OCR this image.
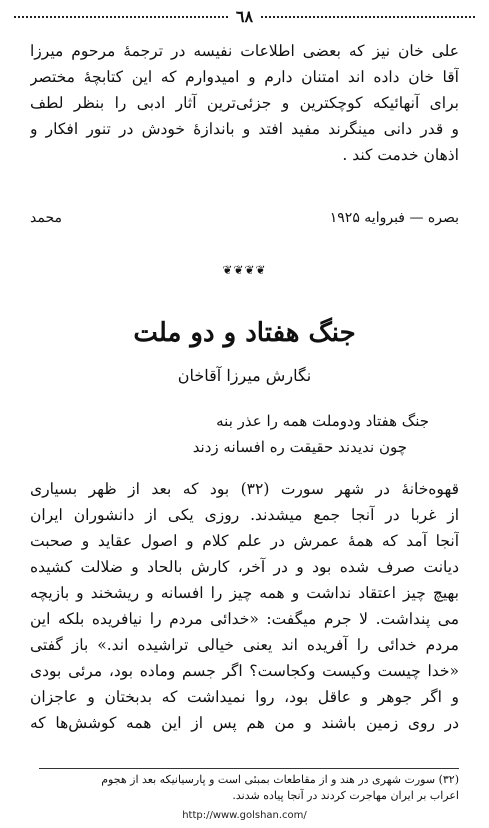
٦٨
علی خان نیز که بعضی اطلاعات نفیسه در ترجمهٔ مرحوم میرزا
آقا خان داده اند امتنان دارم و امیدوارم که این کتابچهٔ مختصر
برای آنهائیکه کوچکترین و جزئی‌ترین آثار ادبی را بنظر لطف
و قدر دانی مینگرند مفید افتد و باندازهٔ خودش در تنور افکار و
اذهان خدمت کند .
بصره — فبروایه ۱۹۲۵
محمد
❦❦❦❦
جنگ هفتاد و دو ملت
نگارش میرزا آقاخان
جنگ هفتاد ودوملت همه را عذر بنه
چون ندیدند حقیقت ره افسانه زدند
قهوه‌خانهٔ در شهر سورت (۳۲) بود که بعد از ظهر بسیاری
از غربا در آنجا جمع میشدند. روزی یکی از دانشوران ایران
آنجا آمد که همهٔ عمرش در علم کلام و اصول عقاید و صحبت
دیانت صرف شده بود و در آخر، کارش بالحاد و ضلالت کشیده
بهیچ چیز اعتقاد نداشت و همه چیز را افسانه و ریشخند و بازیچه
می پنداشت. لا جرم میگفت: «خدائی مردم را نیافریده بلکه این
مردم خدائی را آفریده اند یعنی خیالی تراشیده اند.» باز گفتی
«خدا چیست وکیست وکجاست؟ اگر جسم وماده بود، مرئی بودی
و اگر جوهر و عاقل بود، روا نمیداشت که بدبختان و عاجزان
در روی زمین باشند و من هم پس از این همه کوشش‌ها که
(۳۲) سورت شهری در هند و از مقاطعات بمبئی است و پارسیانیکه بعد از هجوم
اعراب بر ایران مهاجرت کردند در آنجا پیاده شدند.
http://www.golshan.com/
